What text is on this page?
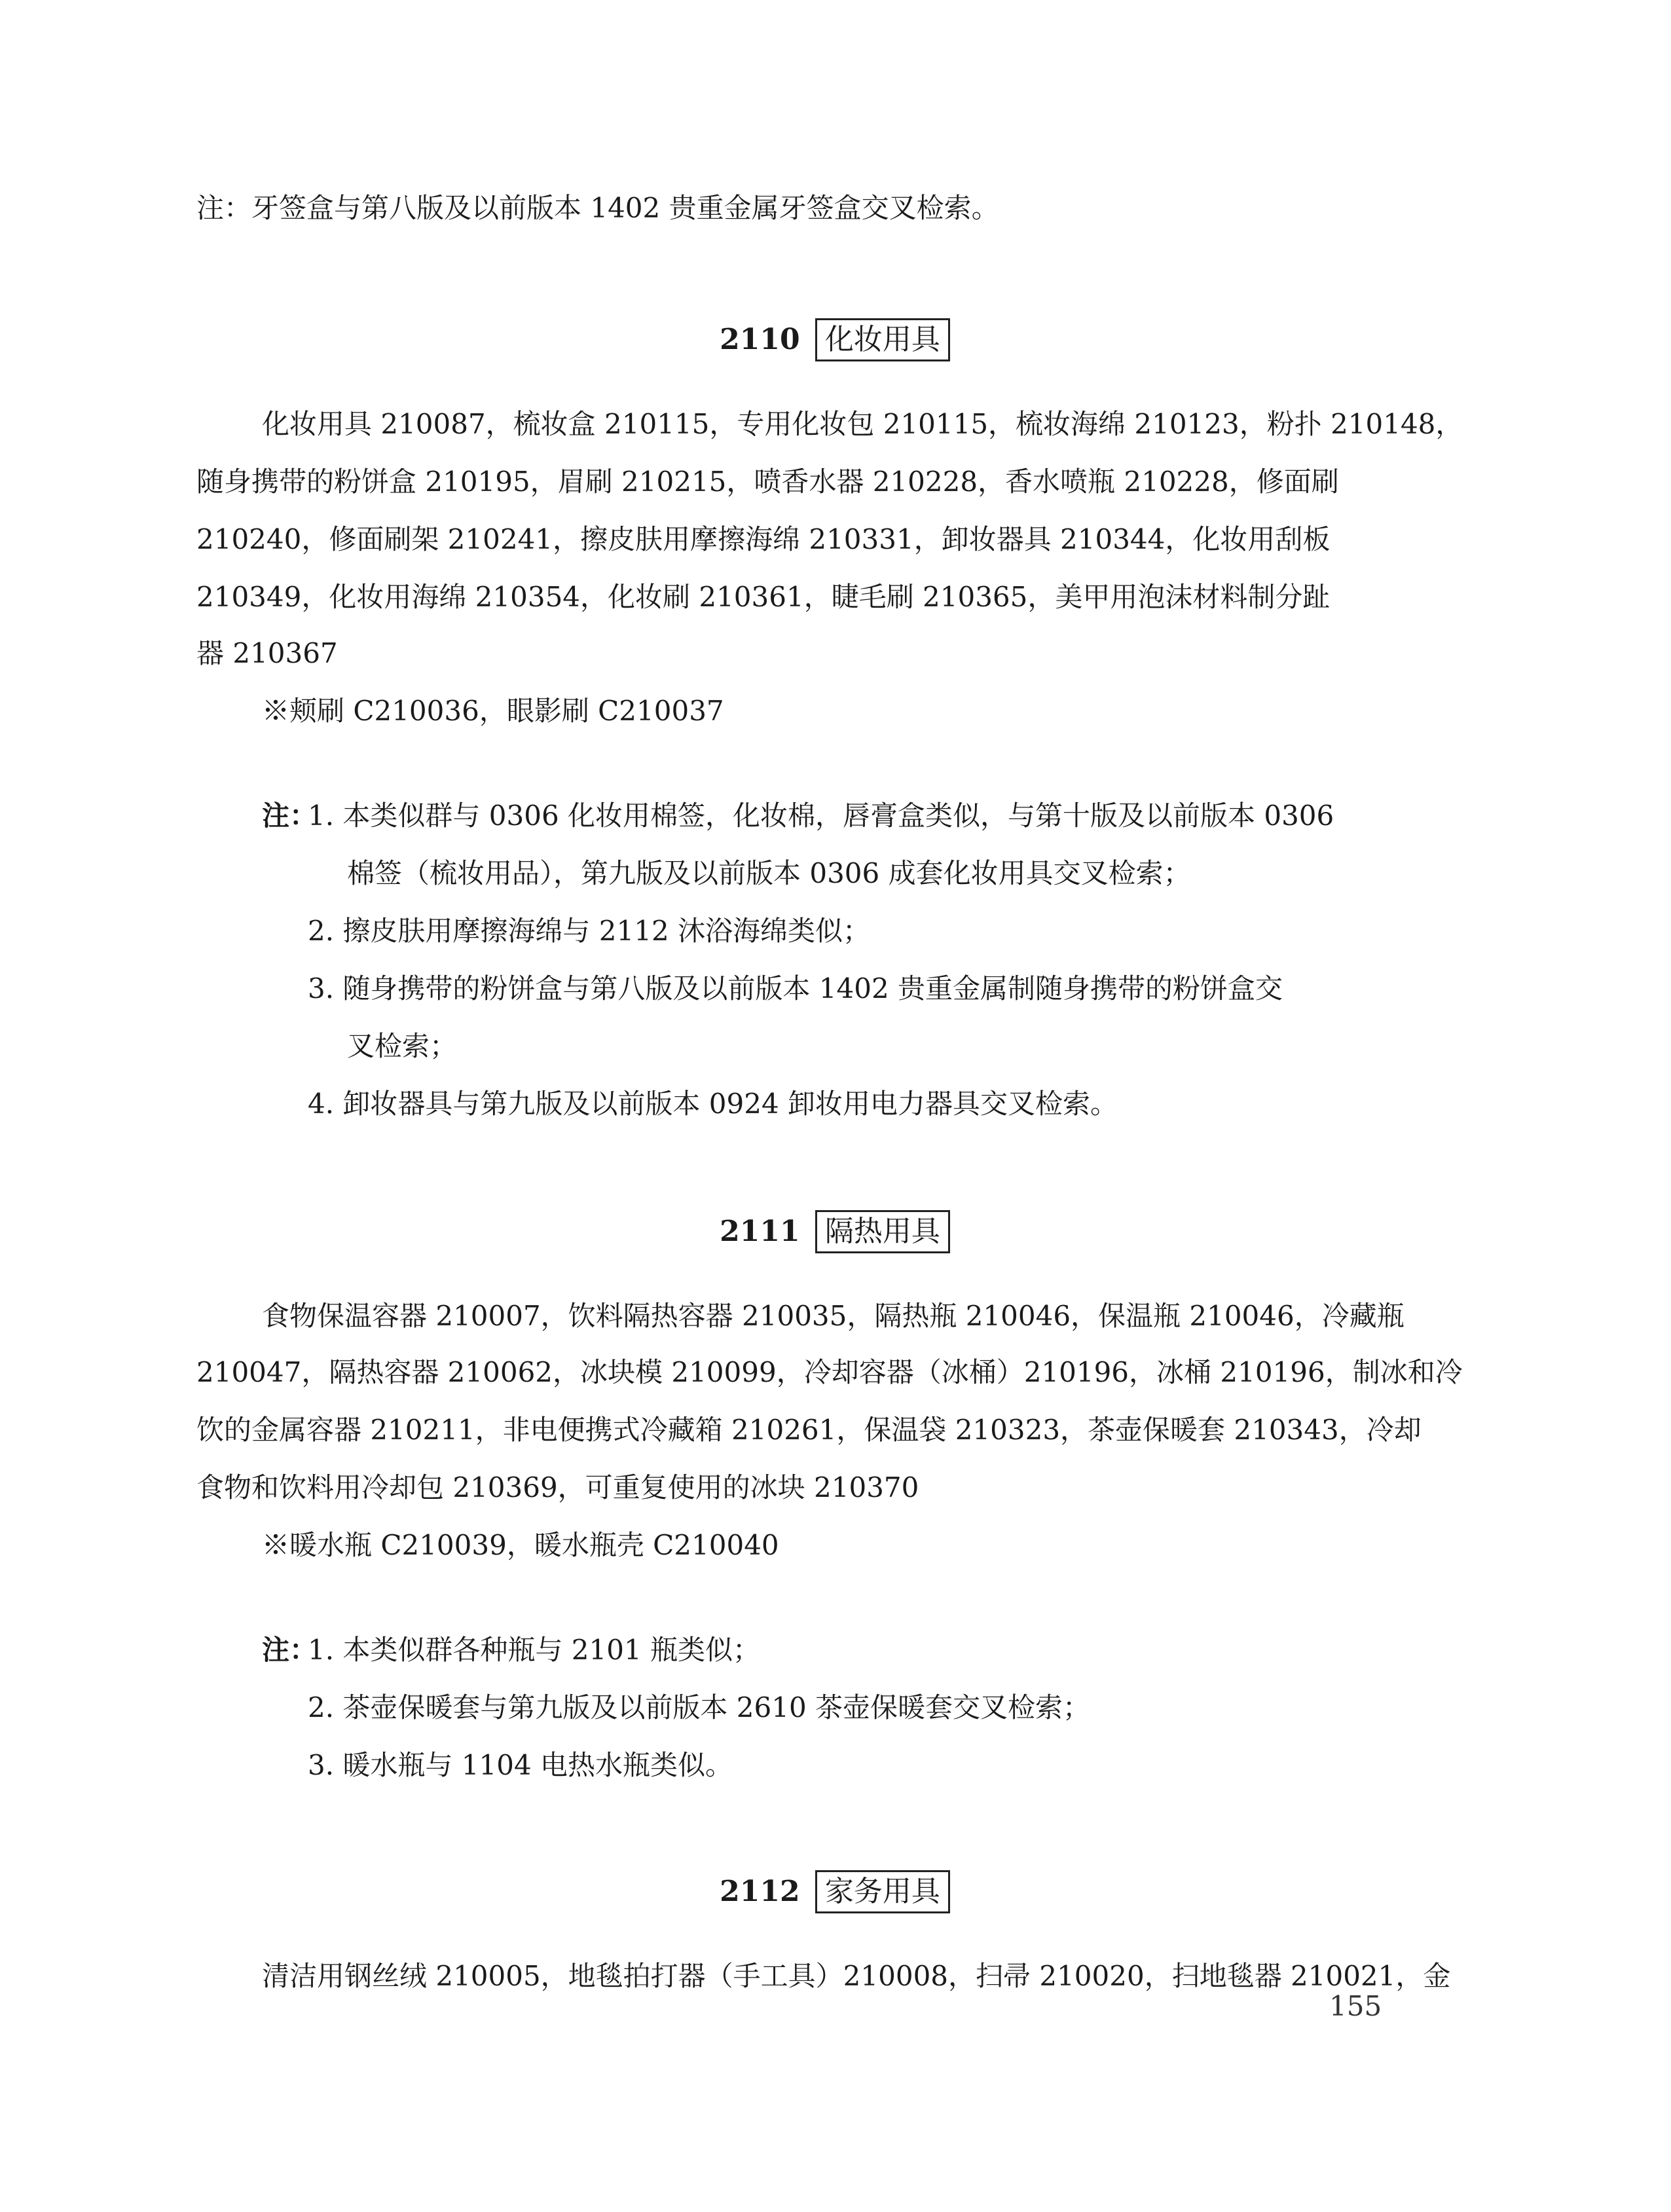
注：牙签盒与第八版及以前版本 1402 贵重金属牙签盒交叉检索。
2110 化妆用具
化妆用具 210087，梳妆盒 210115，专用化妆包 210115，梳妆海绵 210123，粉扑 210148，
随身携带的粉饼盒 210195，眉刷 210215，喷香水器 210228，香水喷瓶 210228，修面刷
210240，修面刷架 210241，擦皮肤用摩擦海绵 210331，卸妆器具 210344，化妆用刮板
210349，化妆用海绵 210354，化妆刷 210361，睫毛刷 210365，美甲用泡沫材料制分趾
器 210367
※颊刷 C210036，眼影刷 C210037
注：
1. 本类似群与 0306 化妆用棉签，化妆棉，唇膏盒类似，与第十版及以前版本 0306
棉签（梳妆用品），第九版及以前版本 0306 成套化妆用具交叉检索；
2. 擦皮肤用摩擦海绵与 2112 沐浴海绵类似；
3. 随身携带的粉饼盒与第八版及以前版本 1402 贵重金属制随身携带的粉饼盒交
叉检索；
4. 卸妆器具与第九版及以前版本 0924 卸妆用电力器具交叉检索。
2111 隔热用具
食物保温容器 210007，饮料隔热容器 210035，隔热瓶 210046，保温瓶 210046，冷藏瓶
210047，隔热容器 210062，冰块模 210099，冷却容器（冰桶）210196，冰桶 210196，制冰和冷
饮的金属容器 210211，非电便携式冷藏箱 210261，保温袋 210323，茶壶保暖套 210343，冷却
食物和饮料用冷却包 210369，可重复使用的冰块 210370
※暖水瓶 C210039，暖水瓶壳 C210040
注：
1. 本类似群各种瓶与 2101 瓶类似；
2. 茶壶保暖套与第九版及以前版本 2610 茶壶保暖套交叉检索；
3. 暖水瓶与 1104 电热水瓶类似。
2112 家务用具
清洁用钢丝绒 210005，地毯拍打器（手工具）210008，扫帚 210020，扫地毯器 210021，金
155
